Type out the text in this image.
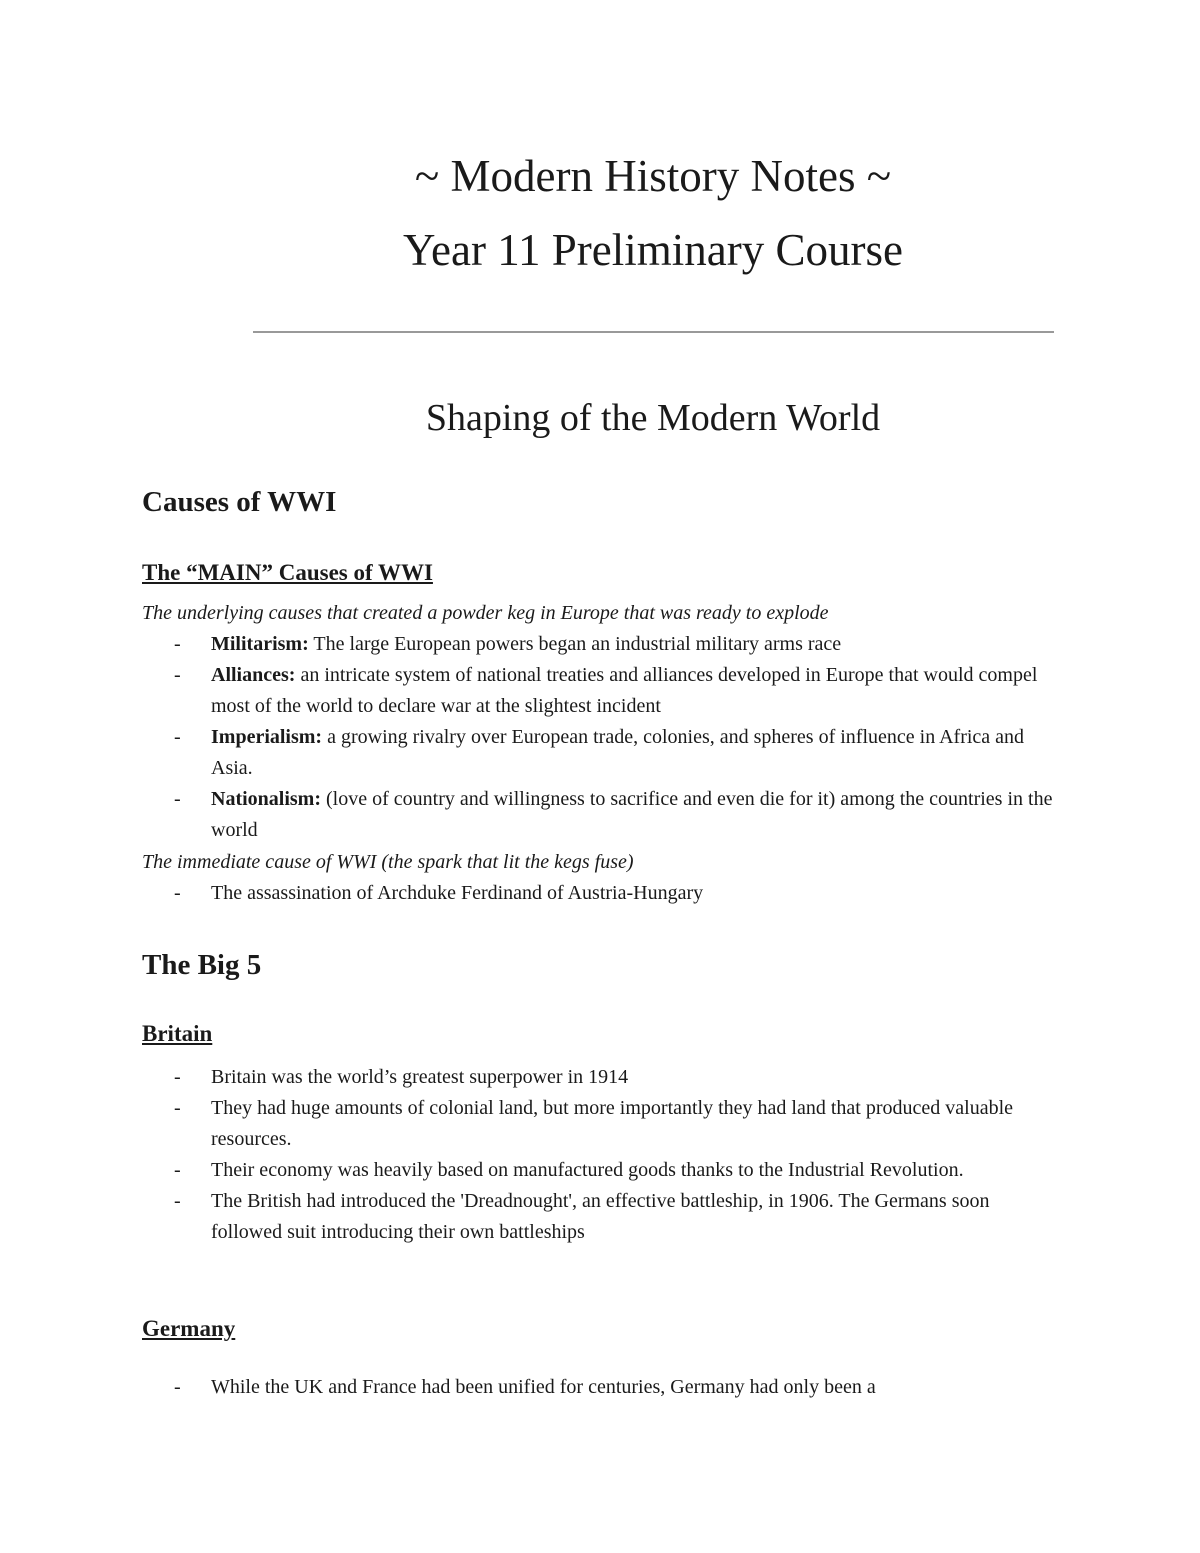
~ Modern History Notes ~
Year 11 Preliminary Course
Shaping of the Modern World
Causes of WWI
The “MAIN” Causes of WWI
The underlying causes that created a powder keg in Europe that was ready to explode
- Militarism: The large European powers began an industrial military arms race
- Alliances: an intricate system of national treaties and alliances developed in Europe that would compel most of the world to declare war at the slightest incident
- Imperialism: a growing rivalry over European trade, colonies, and spheres of influence in Africa and Asia.
- Nationalism: (love of country and willingness to sacrifice and even die for it) among the countries in the world
The immediate cause of WWI (the spark that lit the kegs fuse)
- The assassination of Archduke Ferdinand of Austria-Hungary
The Big 5
Britain
- Britain was the world’s greatest superpower in 1914
- They had huge amounts of colonial land, but more importantly they had land that produced valuable resources.
- Their economy was heavily based on manufactured goods thanks to the Industrial Revolution.
- The British had introduced the 'Dreadnought', an effective battleship, in 1906. The Germans soon followed suit introducing their own battleships
Germany
- While the UK and France had been unified for centuries, Germany had only been a
